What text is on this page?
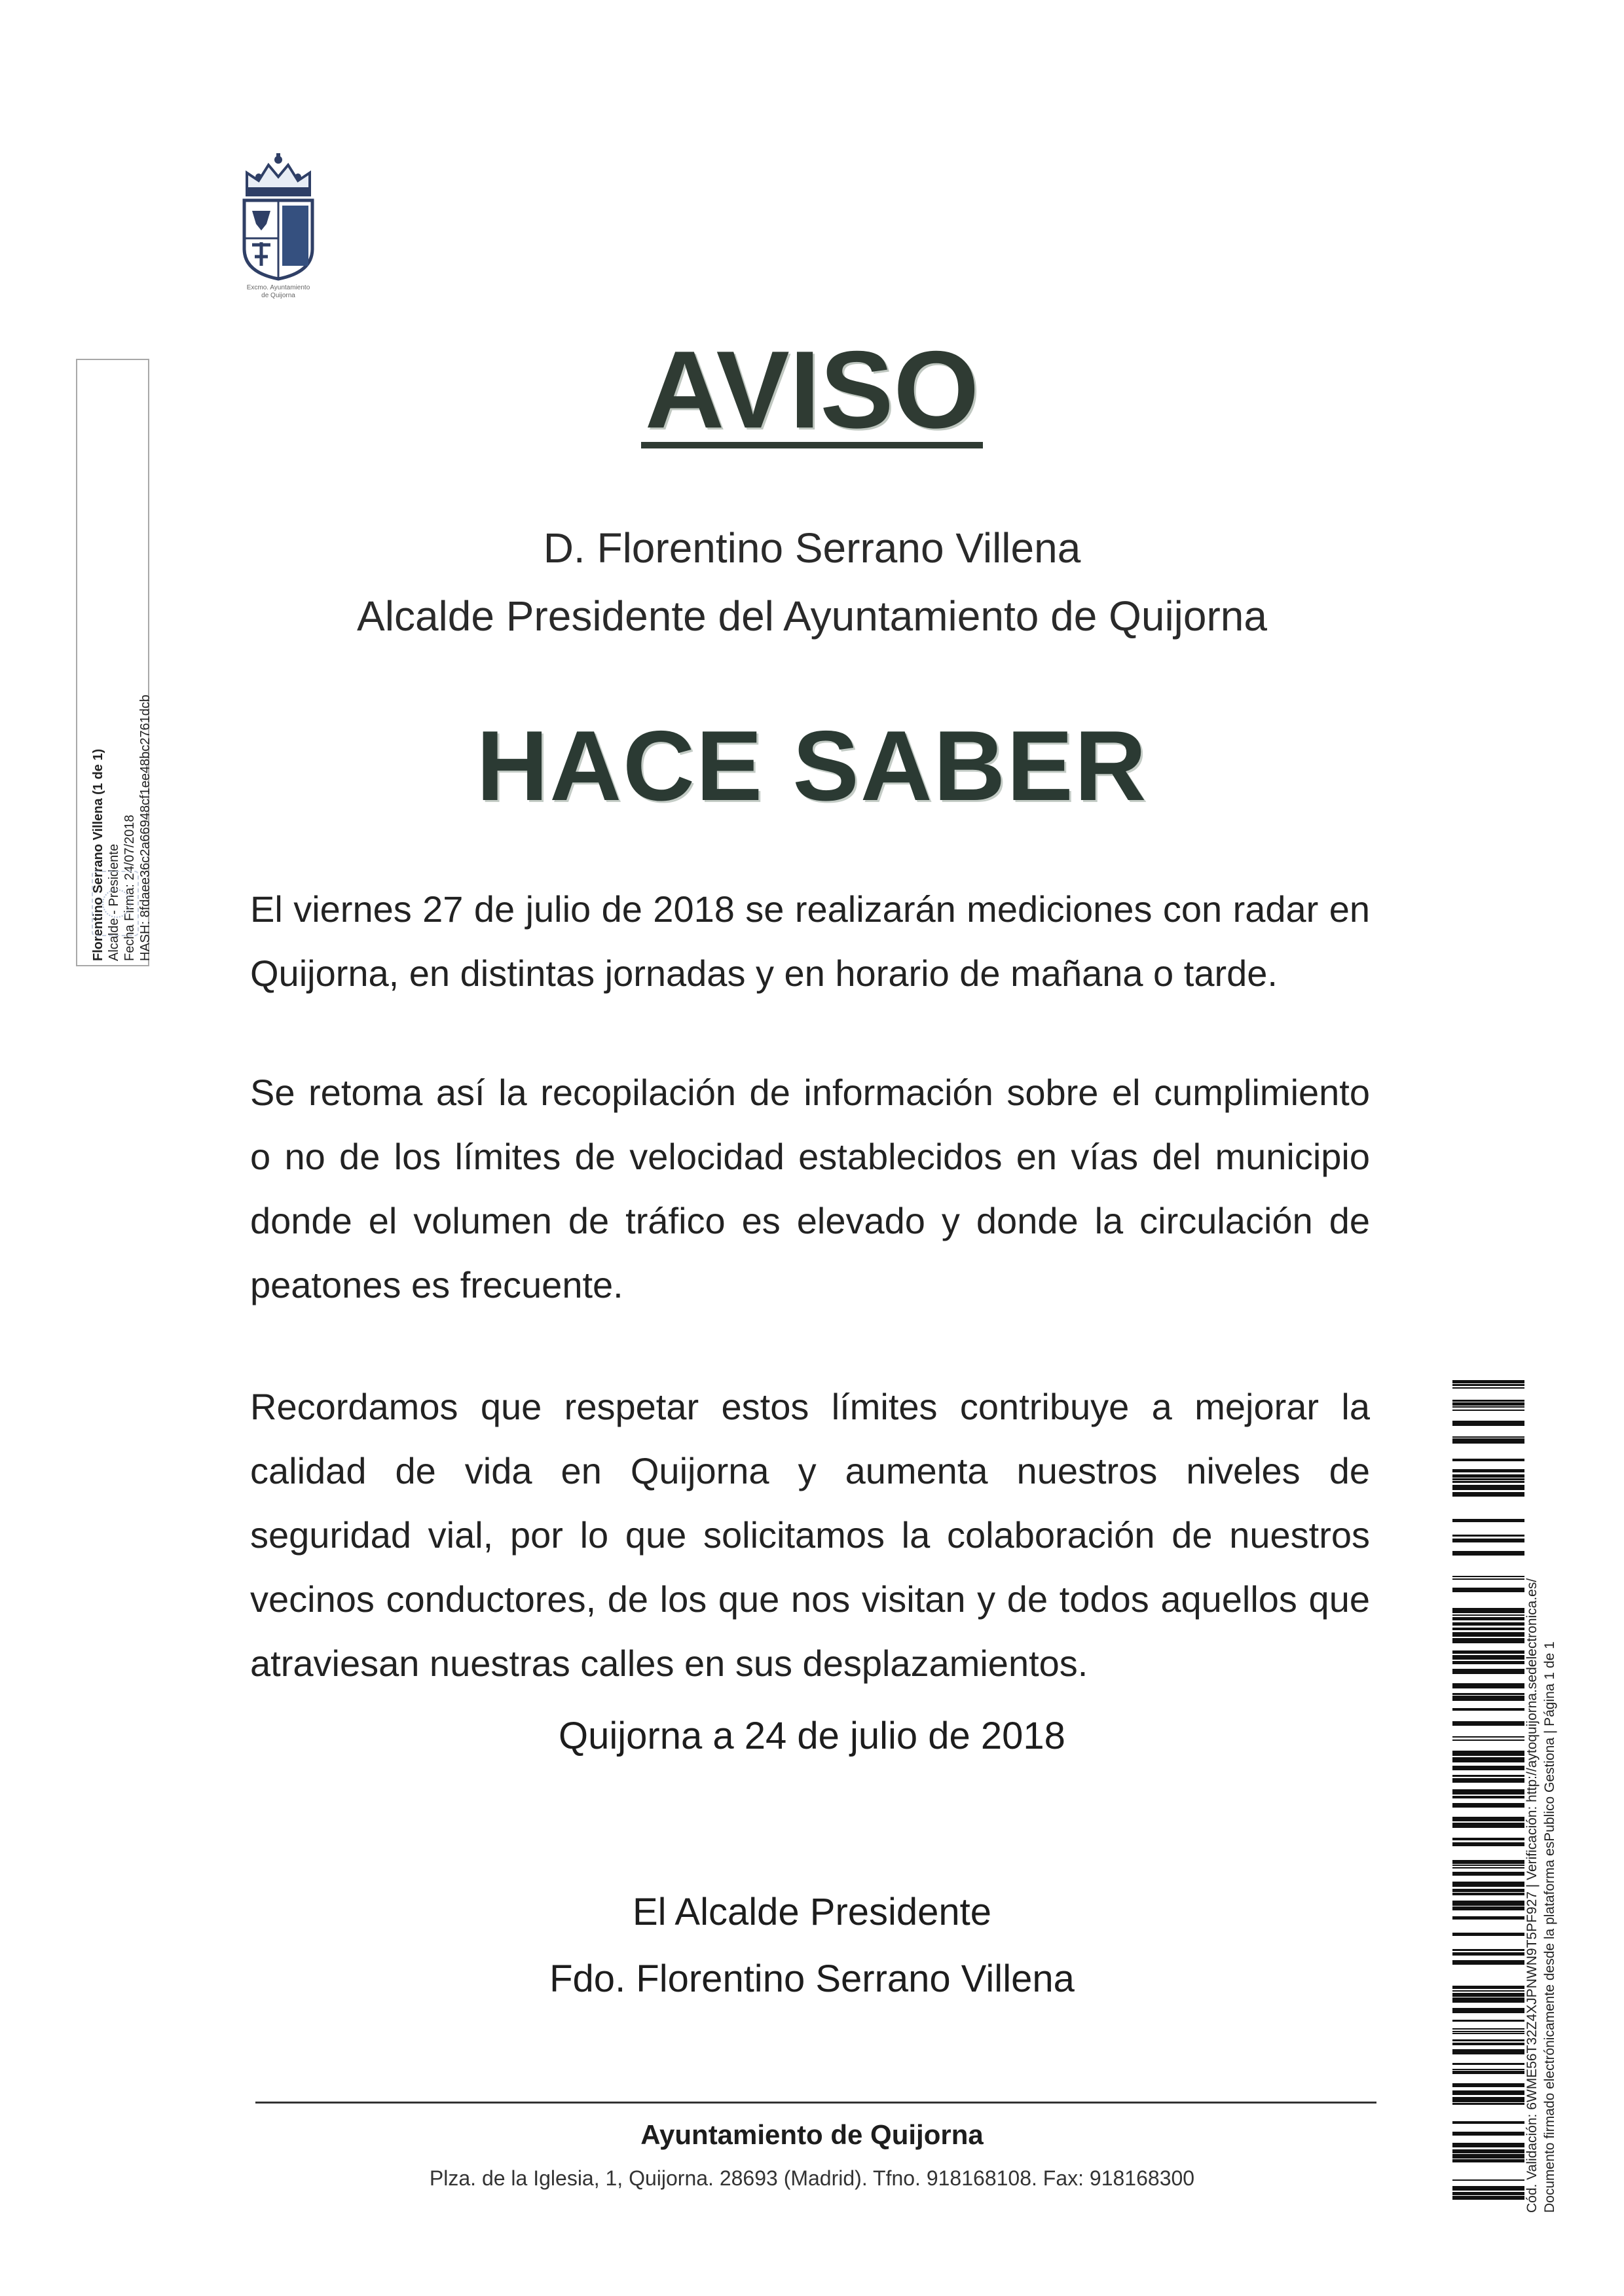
Excmo. Ayuntamiento
de Quijorna
Florentino Serrano Villena (1 de 1) Alcalde - Presidente Fecha Firma: 24/07/2018 HASH: 8fdaee36c2a66948cf1ee48bc2761dcb
AVISO
D. Florentino Serrano Villena
Alcalde Presidente del Ayuntamiento de Quijorna
HACE SABER
El viernes 27 de julio de 2018 se realizarán mediciones con radar en Quijorna, en distintas jornadas y en horario de mañana o tarde.
Se retoma así la recopilación de información sobre el cumplimiento o no de los límites de velocidad establecidos en vías del municipio donde el volumen de tráfico es elevado y donde la circulación de peatones es frecuente.
Recordamos que respetar estos límites contribuye a mejorar la calidad de vida en Quijorna y aumenta nuestros niveles de seguridad vial, por lo que solicitamos la colaboración de nuestros vecinos conductores, de los que nos visitan y de todos aquellos que atraviesan nuestras calles en sus desplazamientos.
Quijorna a 24 de julio de 2018
El Alcalde Presidente
Fdo. Florentino Serrano Villena
Ayuntamiento de Quijorna
Plza. de la Iglesia, 1, Quijorna. 28693 (Madrid). Tfno. 918168108. Fax: 918168300	Cód. Validación: 6WME56T32Z4XJPNWN9T5PF927 | Verificación: http://aytoquijorna.sedelectronica.es/ Documento firmado electrónicamente desde la plataforma esPublico Gestiona | Página 1 de 1
